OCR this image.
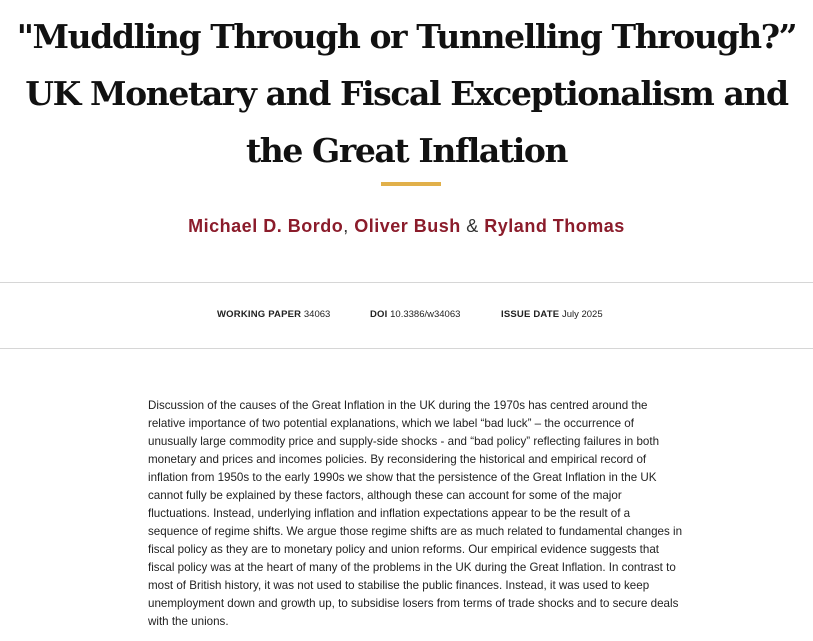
"Muddling Through or Tunnelling Through?”
UK Monetary and Fiscal Exceptionalism and
the Great Inflation
Michael D. Bordo, Oliver Bush & Ryland Thomas
WORKING PAPER 34063	DOI 10.3386/w34063	ISSUE DATE July 2025

Discussion of the causes of the Great Inflation in the UK during the 1970s has centred around the relative importance of two potential explanations, which we label “bad luck” – the occurrence of unusually large commodity price and supply-side shocks - and “bad policy” reflecting failures in both monetary and prices and incomes policies. By reconsidering the historical and empirical record of inflation from 1950s to the early 1990s we show that the persistence of the Great Inflation in the UK cannot fully be explained by these factors, although these can account for some of the major fluctuations. Instead, underlying inflation and inflation expectations appear to be the result of a sequence of regime shifts. We argue those regime shifts are as much related to fundamental changes in fiscal policy as they are to monetary policy and union reforms. Our empirical evidence suggests that fiscal policy was at the heart of many of the problems in the UK during the Great Inflation. In contrast to most of British history, it was not used to stabilise the public finances. Instead, it was used to keep unemployment down and growth up, to subsidise losers from terms of trade shocks and to secure deals with the unions.
